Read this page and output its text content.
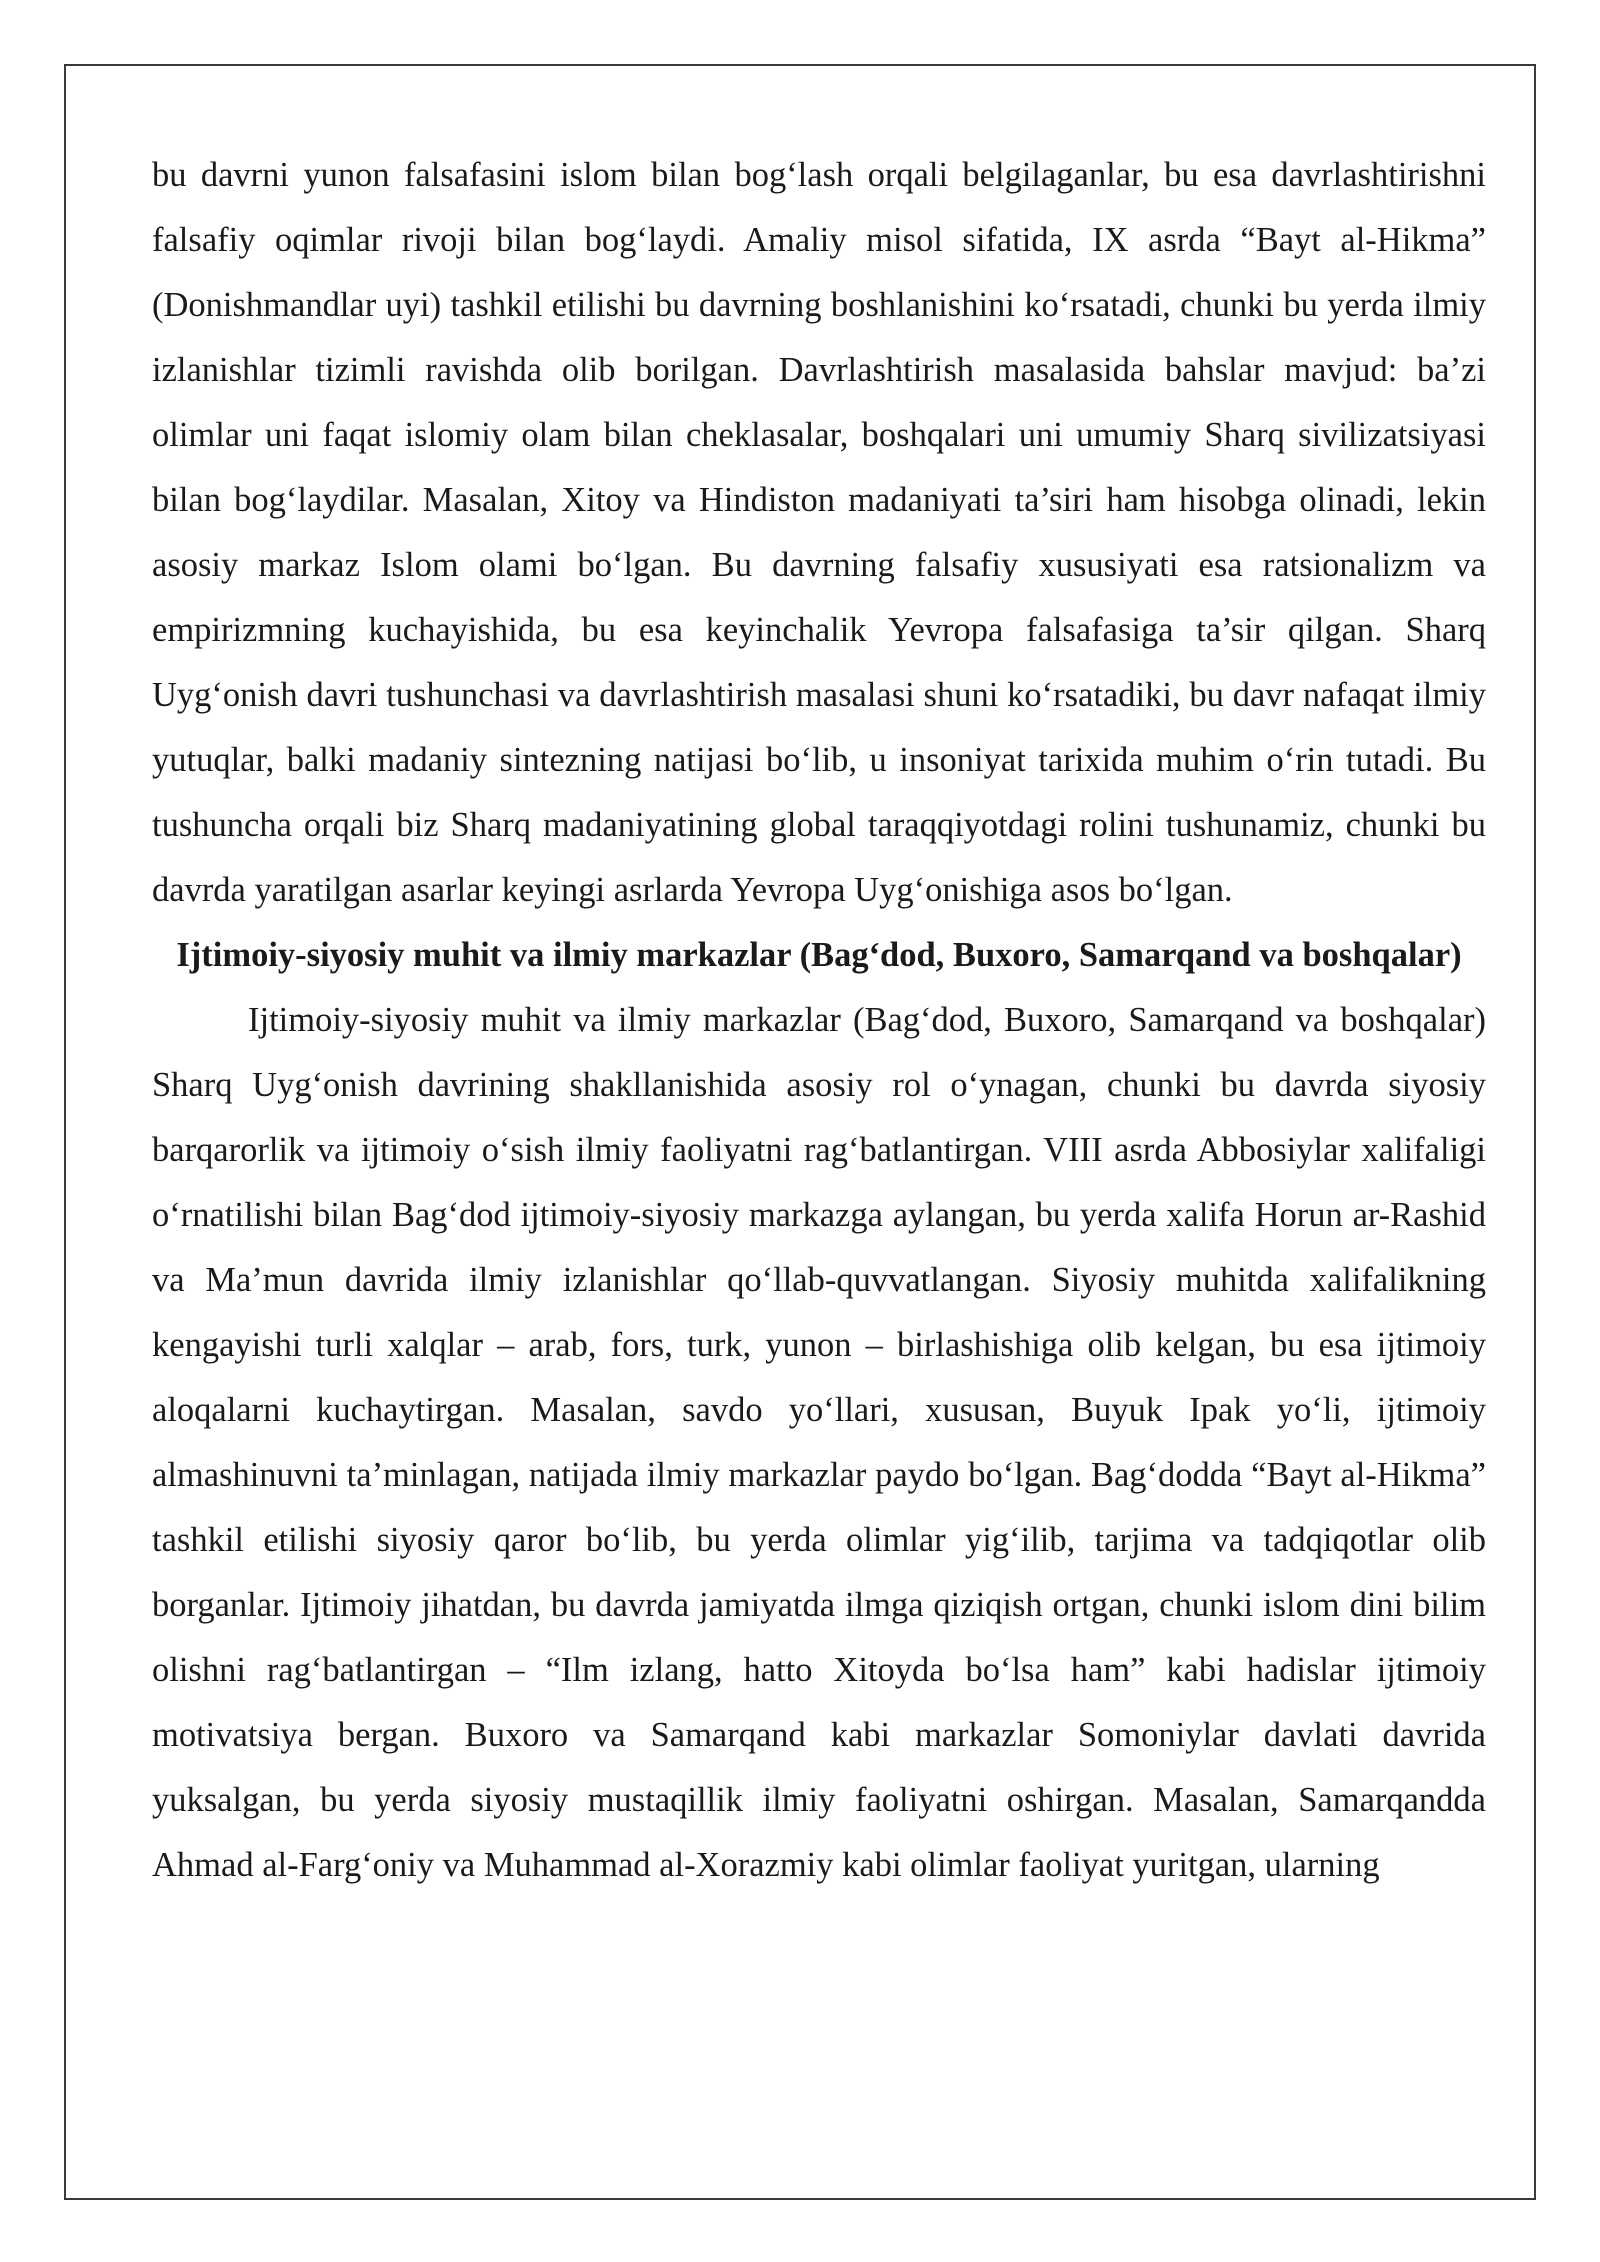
bu davrni yunon falsafasini islom bilan bog‘lash orqali belgilaganlar, bu esa davrlashtirishni falsafiy oqimlar rivoji bilan bog‘laydi. Amaliy misol sifatida, IX asrda “Bayt al-Hikma” (Donishmandlar uyi) tashkil etilishi bu davrning boshlanishini ko‘rsatadi, chunki bu yerda ilmiy izlanishlar tizimli ravishda olib borilgan. Davrlashtirish masalasida bahslar mavjud: ba’zi olimlar uni faqat islomiy olam bilan cheklasalar, boshqalari uni umumiy Sharq sivilizatsiyasi bilan bog‘laydilar. Masalan, Xitoy va Hindiston madaniyati ta’siri ham hisobga olinadi, lekin asosiy markaz Islom olami bo‘lgan. Bu davrning falsafiy xususiyati esa ratsionalizm va empirizmning kuchayishida, bu esa keyinchalik Yevropa falsafasiga ta’sir qilgan. Sharq Uyg‘onish davri tushunchasi va davrlashtirish masalasi shuni ko‘rsatadiki, bu davr nafaqat ilmiy yutuqlar, balki madaniy sintezning natijasi bo‘lib, u insoniyat tarixida muhim o‘rin tutadi. Bu tushuncha orqali biz Sharq madaniyatining global taraqqiyotdagi rolini tushunamiz, chunki bu davrda yaratilgan asarlar keyingi asrlarda Yevropa Uyg‘onishiga asos bo‘lgan.

Ijtimoiy-siyosiy muhit va ilmiy markazlar (Bag‘dod, Buxoro, Samarqand va boshqalar)

Ijtimoiy-siyosiy muhit va ilmiy markazlar (Bag‘dod, Buxoro, Samarqand va boshqalar) Sharq Uyg‘onish davrining shakllanishida asosiy rol o‘ynagan, chunki bu davrda siyosiy barqarorlik va ijtimoiy o‘sish ilmiy faoliyatni rag‘batlantirgan. VIII asrda Abbosiylar xalifaligi o‘rnatilishi bilan Bag‘dod ijtimoiy-siyosiy markazga aylangan, bu yerda xalifa Horun ar-Rashid va Ma’mun davrida ilmiy izlanishlar qo‘llab-quvvatlangan. Siyosiy muhitda xalifalikning kengayishi turli xalqlar – arab, fors, turk, yunon – birlashishiga olib kelgan, bu esa ijtimoiy aloqalarni kuchaytirgan. Masalan, savdo yo‘llari, xususan, Buyuk Ipak yo‘li, ijtimoiy almashinuvni ta’minlagan, natijada ilmiy markazlar paydo bo‘lgan. Bag‘dodda “Bayt al-Hikma” tashkil etilishi siyosiy qaror bo‘lib, bu yerda olimlar yig‘ilib, tarjima va tadqiqotlar olib borganlar. Ijtimoiy jihatdan, bu davrda jamiyatda ilmga qiziqish ortgan, chunki islom dini bilim olishni rag‘batlantirgan – “Ilm izlang, hatto Xitoyda bo‘lsa ham” kabi hadislar ijtimoiy motivatsiya bergan. Buxoro va Samarqand kabi markazlar Somoniylar davlati davrida yuksalgan, bu yerda siyosiy mustaqillik ilmiy faoliyatni oshirgan. Masalan, Samarqandda Ahmad al-Farg‘oniy va Muhammad al-Xorazmiy kabi olimlar faoliyat yuritgan, ularning
